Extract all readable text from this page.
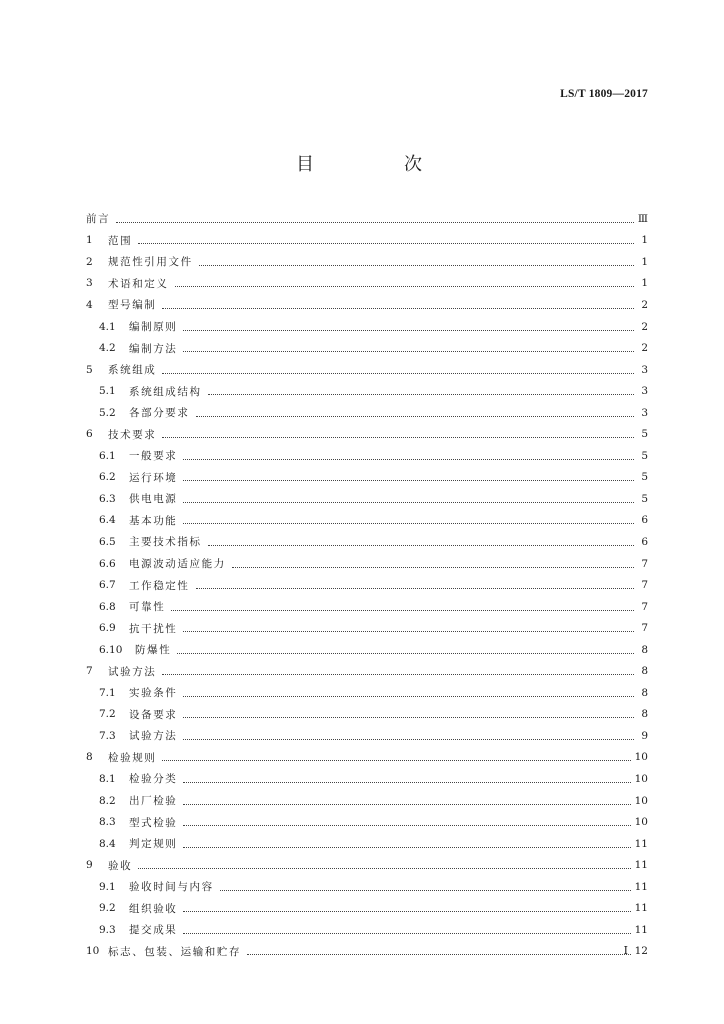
LS/T 1809—2017
目　次
前言	Ⅲ
1	范围	1
2	规范性引用文件	1
3	术语和定义	1
4	型号编制	2
4.1	编制原则	2
4.2	编制方法	2
5	系统组成	3
5.1	系统组成结构	3
5.2	各部分要求	3
6	技术要求	5
6.1	一般要求	5
6.2	运行环境	5
6.3	供电电源	5
6.4	基本功能	6
6.5	主要技术指标	6
6.6	电源波动适应能力	7
6.7	工作稳定性	7
6.8	可靠性	7
6.9	抗干扰性	7
6.10	防爆性	8
7	试验方法	8
7.1	实验条件	8
7.2	设备要求	8
7.3	试验方法	9
8	检验规则	10
8.1	检验分类	10
8.2	出厂检验	10
8.3	型式检验	10
8.4	判定规则	11
9	验收	11
9.1	验收时间与内容	11
9.2	组织验收	11
9.3	提交成果	11
10 标志、包装、运输和贮存	12
I
